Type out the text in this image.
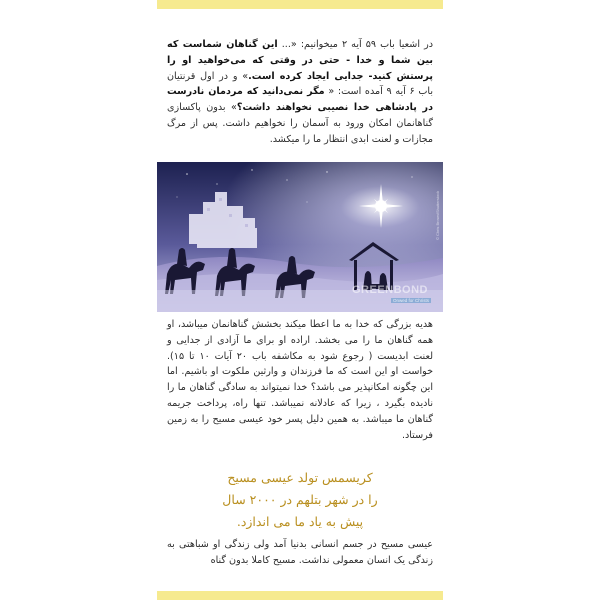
در اشعیا باب ۵۹ آیه ۲ میخوانیم: «... این گناهان شماست که بین شما و خدا - حتی در وقتی که می‌خواهید او را پرستش کنید- جدایی ایجاد کرده است.» و در اول قرنتیان باب ۶ آیه ۹ آمده است: « مگر نمی‌دانید که مردمان نادرست در پادشاهی خدا نصیبی نخواهند داشت؟» بدون پاکسازی گناهانمان امکان ورود به آسمان را نخواهیم داشت. پس از مرگ مجازات و لعنت ابدی انتظار ما را میکشد.

GREENBOND
Onwed for Christs
© Chris Brown/Shutterstock

هدیه بزرگی که خدا به ما اعطا میکند بخشش گناهانمان میباشد، او همه گناهان ما را می بخشد. اراده او برای ما آزادی از جدایی و لعنت ابدیست ( رجوع شود به مکاشفه باب ۲۰ آیات ۱۰ تا ۱۵). خواست او این است که ما فرزندان و وارثین ملکوت او باشیم. اما این چگونه امکانپذیر می باشد؟ خدا نمیتواند به سادگی گناهان ما را نادیده بگیرد ، زیرا که عادلانه نمیباشد. تنها راه، پرداخت جریمه گناهان ما میباشد. به همین دلیل پسر خود عیسی مسیح را به زمین فرستاد.

کریسمس تولد عیسی مسیح
را در شهر بتلهم در ۲۰۰۰ سال
پیش به یاد ما می اندازد.

عیسی مسیح در جسم انسانی بدنیا آمد ولی زندگی او شباهتی به زندگی یک انسان معمولی نداشت. مسیح کاملا بدون گناه
